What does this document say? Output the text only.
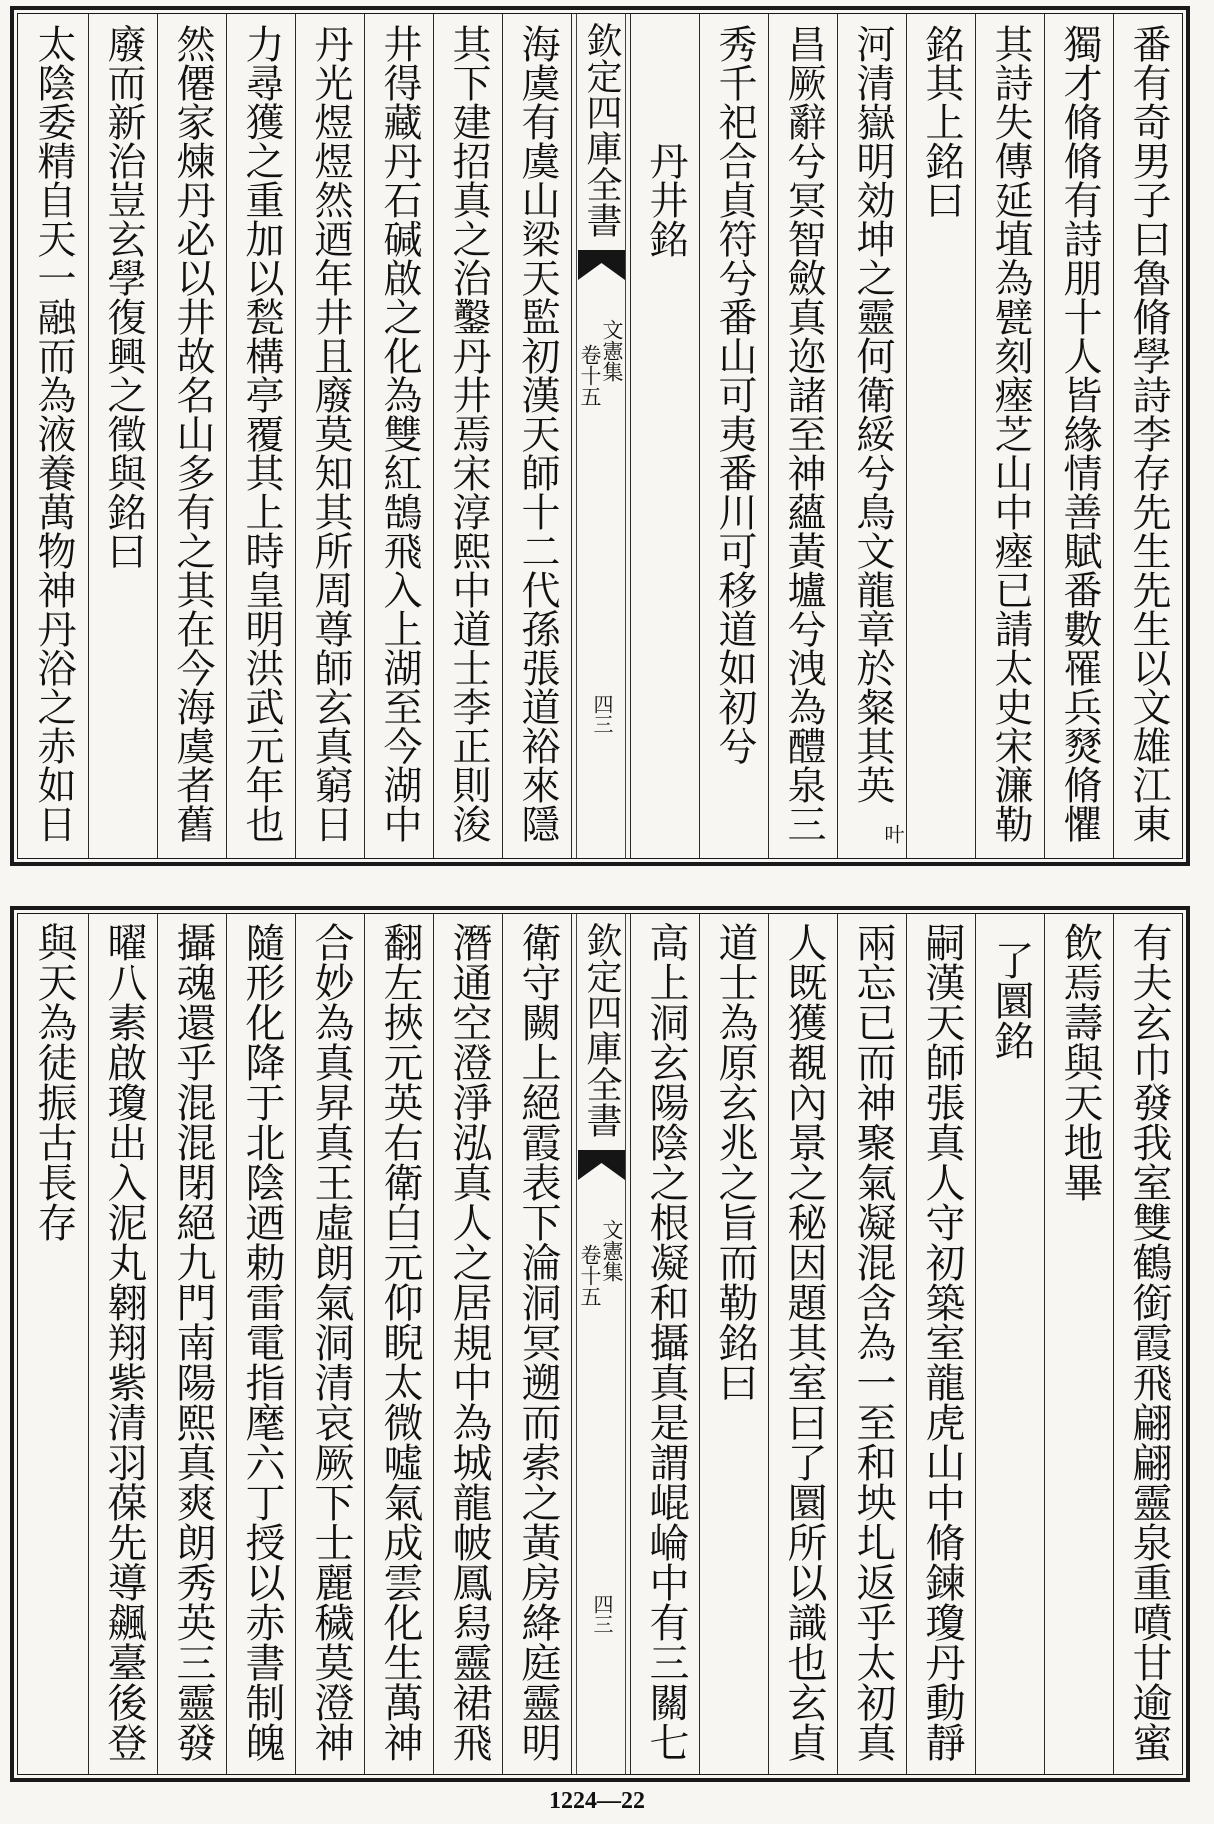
番有奇男子曰魯脩學詩李存先生先生以文雄江東
獨才脩脩有詩朋十人皆緣情善賦番數罹兵燹脩懼
其詩失傳延埴為甓刻瘞芝山中瘞已請太史宋濂勒
銘其上銘曰
河清嶽明効坤之靈何衛綏兮鳥文龍章於粲其英
叶
昌厥辭兮冥智斂真迩諸至神蘊黃壚兮洩為醴泉三
秀千祀合貞符兮番山可夷番川可移道如初兮
丹井銘
欽定四庫全書
文憲集
卷十五
四三
海虞有虞山梁天監初漢天師十二代孫張道裕來隱
其下建招真之治鑿丹井焉宋淳熙中道士李正則浚
井得藏丹石碱啟之化為雙紅鵠飛入上湖至今湖中
丹光煜煜然迺年井且廢莫知其所周尊師玄真窮日
力尋獲之重加以甃構亭覆其上時皇明洪武元年也
然僊家煉丹必以井故名山多有之其在今海虞者舊
廢而新治豈玄學復興之徵與銘曰
太陰委精自天一融而為液養萬物神丹浴之赤如日
有夫玄巾發我室雙鶴銜霞飛翩翩靈泉重噴甘逾蜜
飲焉壽與天地畢
了圜銘
嗣漢天師張真人守初築室龍虎山中脩鍊瓊丹動靜
兩忘已而神聚氣凝混含為一至和坱圠返乎太初真
人既獲覩內景之秘因題其室曰了圜所以識也玄貞
道士為原玄兆之旨而勒銘曰
高上洞玄陽陰之根凝和攝真是謂崐崘中有三關七
欽定四庫全書
文憲集
卷十五
四三
衛守闕上絕霞表下淪洞冥遡而索之黃房絳庭靈明
潛通空澄淨泓真人之居規中為城龍帔鳳舄靈裙飛
翻左挾元英右衛白元仰睨太微噓氣成雲化生萬神
合妙為真昇真王虛朗氣洞清哀厥下士麗穢莫澄神
隨形化降于北陰迺勅雷電指麾六丁授以赤書制魄
攝魂還乎混混閉絕九門南陽熙真爽朗秀英三靈發
曜八素啟瓊出入泥丸翱翔紫清羽葆先導飆臺後登
與天為徒振古長存
1224—22
